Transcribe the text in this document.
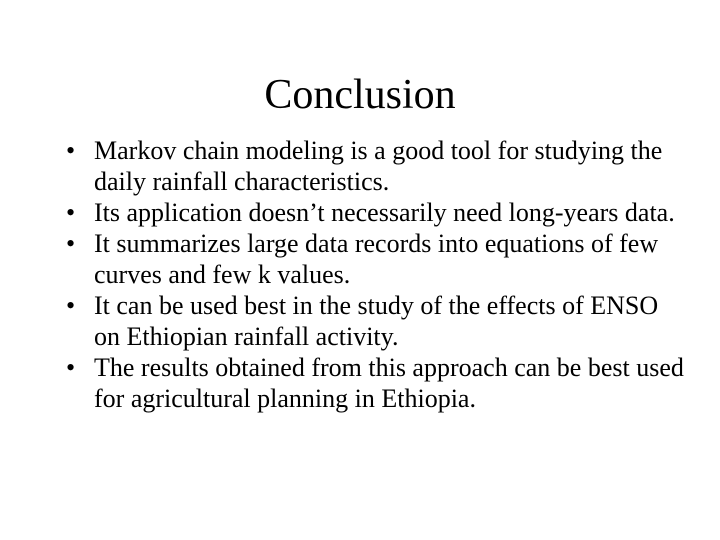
Conclusion
• Markov chain modeling is a good tool for studying the daily rainfall characteristics.
• Its application doesn’t necessarily need long-years data.
• It summarizes large data records into equations of few curves and few k values.
• It can be used best in the study of the effects of ENSO on Ethiopian rainfall activity.
• The results obtained from this approach can be best used for agricultural planning in Ethiopia.
